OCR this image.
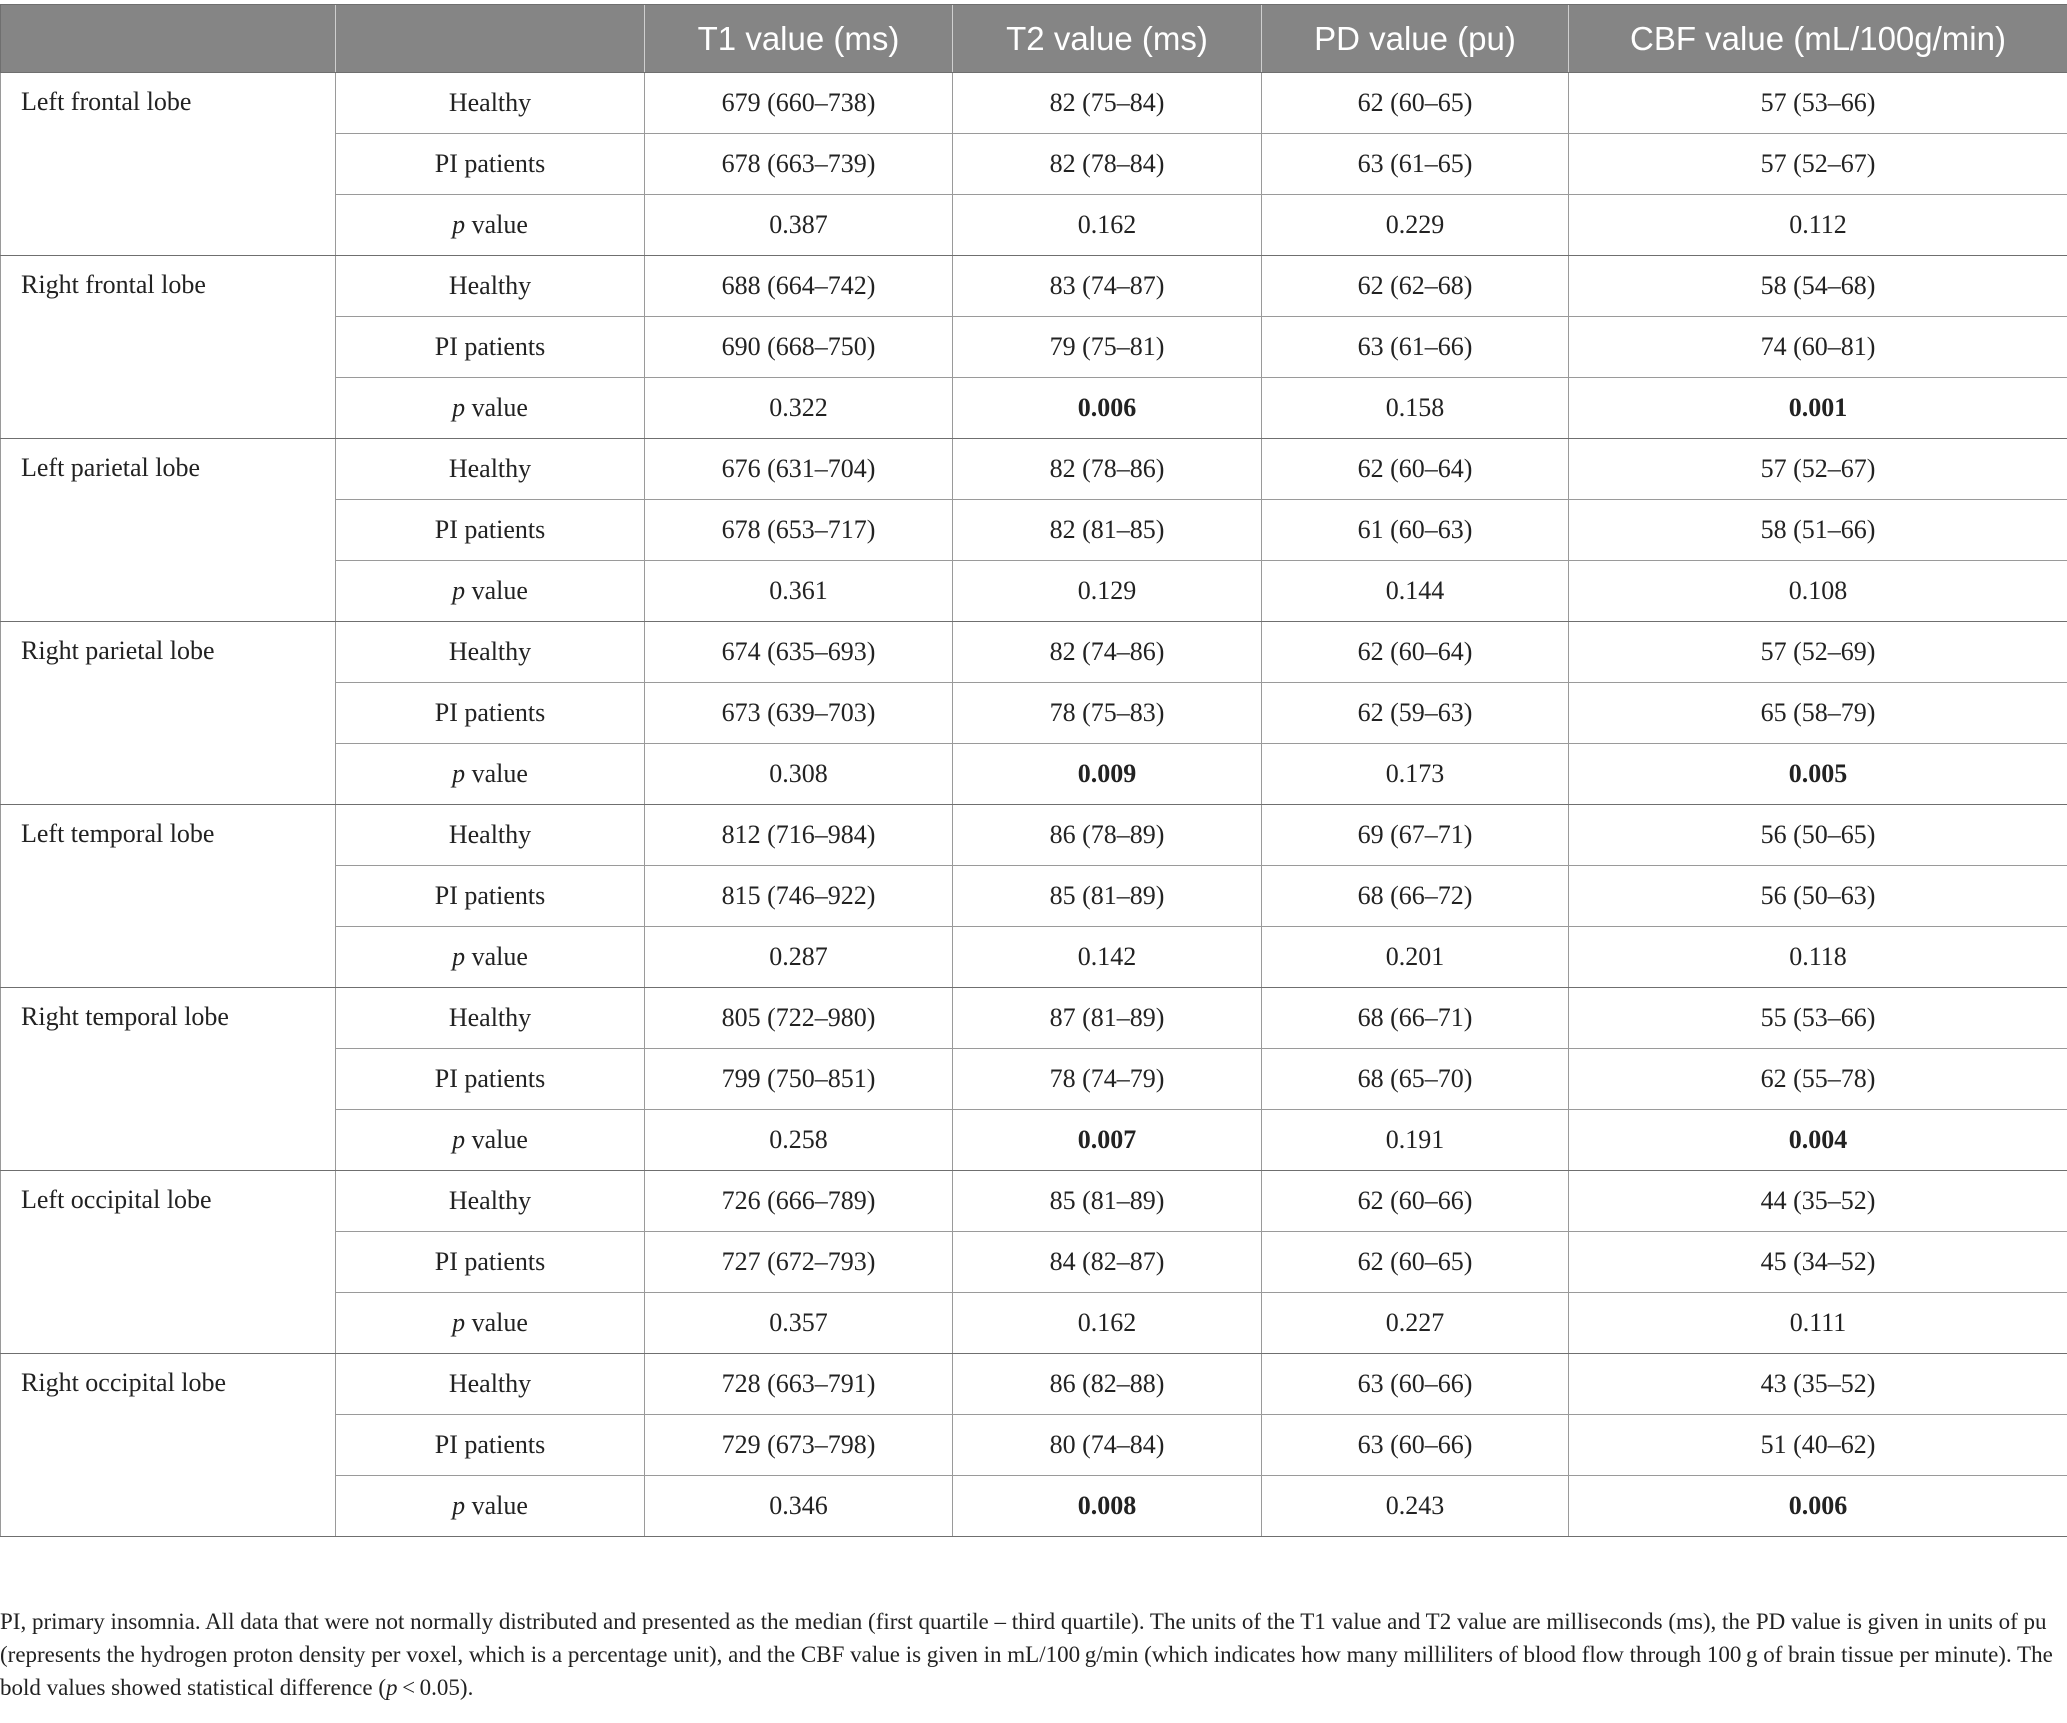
		T1 value (ms)	T2 value (ms)	PD value (pu)	CBF value (mL/100g/min)
Left frontal lobe	Healthy	679 (660–738)	82 (75–84)	62 (60–65)	57 (53–66)
	PI patients	678 (663–739)	82 (78–84)	63 (61–65)	57 (52–67)
	p value	0.387	0.162	0.229	0.112
Right frontal lobe	Healthy	688 (664–742)	83 (74–87)	62 (62–68)	58 (54–68)
	PI patients	690 (668–750)	79 (75–81)	63 (61–66)	74 (60–81)
	p value	0.322	0.006	0.158	0.001
Left parietal lobe	Healthy	676 (631–704)	82 (78–86)	62 (60–64)	57 (52–67)
	PI patients	678 (653–717)	82 (81–85)	61 (60–63)	58 (51–66)
	p value	0.361	0.129	0.144	0.108
Right parietal lobe	Healthy	674 (635–693)	82 (74–86)	62 (60–64)	57 (52–69)
	PI patients	673 (639–703)	78 (75–83)	62 (59–63)	65 (58–79)
	p value	0.308	0.009	0.173	0.005
Left temporal lobe	Healthy	812 (716–984)	86 (78–89)	69 (67–71)	56 (50–65)
	PI patients	815 (746–922)	85 (81–89)	68 (66–72)	56 (50–63)
	p value	0.287	0.142	0.201	0.118
Right temporal lobe	Healthy	805 (722–980)	87 (81–89)	68 (66–71)	55 (53–66)
	PI patients	799 (750–851)	78 (74–79)	68 (65–70)	62 (55–78)
	p value	0.258	0.007	0.191	0.004
Left occipital lobe	Healthy	726 (666–789)	85 (81–89)	62 (60–66)	44 (35–52)
	PI patients	727 (672–793)	84 (82–87)	62 (60–65)	45 (34–52)
	p value	0.357	0.162	0.227	0.111
Right occipital lobe	Healthy	728 (663–791)	86 (82–88)	63 (60–66)	43 (35–52)
	PI patients	729 (673–798)	80 (74–84)	63 (60–66)	51 (40–62)
	p value	0.346	0.008	0.243	0.006

PI, primary insomnia. All data that were not normally distributed and presented as the median (first quartile – third quartile). The units of the T1 value and T2 value are milliseconds (ms), the PD value is given in units of pu (represents the hydrogen proton density per voxel, which is a percentage unit), and the CBF value is given in mL/100 g/min (which indicates how many milliliters of blood flow through 100 g of brain tissue per minute). The bold values showed statistical difference (p < 0.05).
